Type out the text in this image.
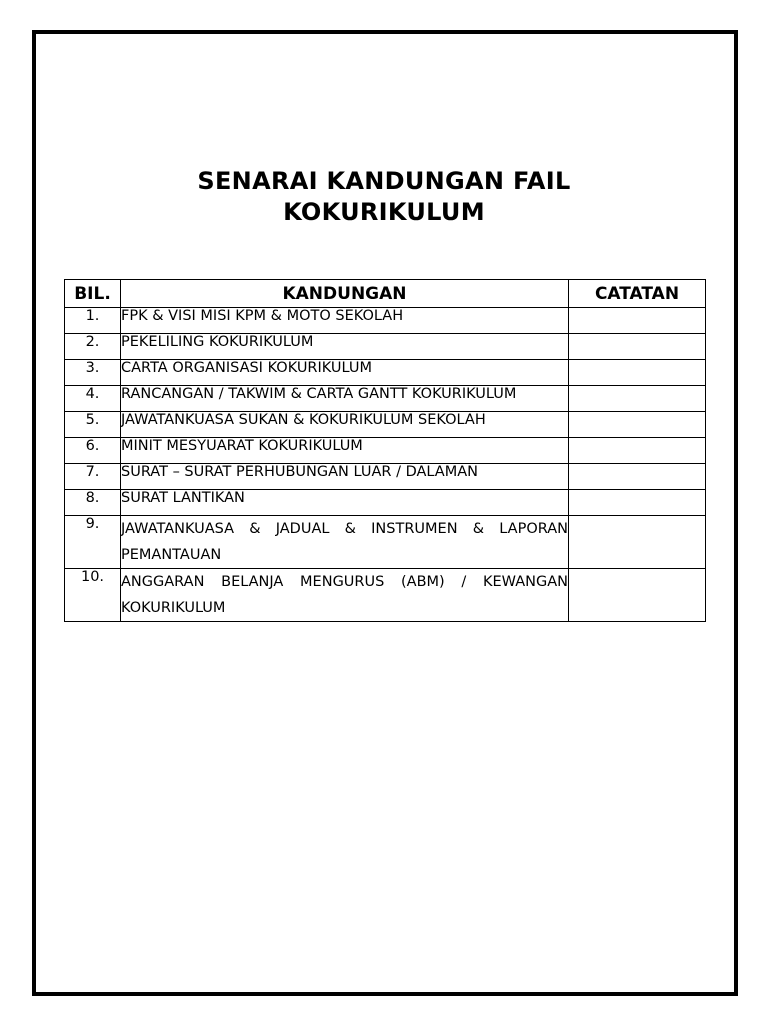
SENARAI KANDUNGAN FAIL
KOKURIKULUM
BIL.	KANDUNGAN	CATATAN
1.	FPK & VISI MISI KPM & MOTO SEKOLAH	
2.	PEKELILING KOKURIKULUM	
3.	CARTA ORGANISASI KOKURIKULUM	
4.	RANCANGAN / TAKWIM & CARTA GANTT KOKURIKULUM	
5.	JAWATANKUASA SUKAN & KOKURIKULUM SEKOLAH	
6.	MINIT MESYUARAT KOKURIKULUM	
7.	SURAT – SURAT PERHUBUNGAN LUAR / DALAMAN	
8.	SURAT LANTIKAN	
9.	JAWATANKUASA & JADUAL & INSTRUMEN & LAPORAN PEMANTAUAN	
10.	ANGGARAN BELANJA MENGURUS (ABM) / KEWANGAN KOKURIKULUM	
